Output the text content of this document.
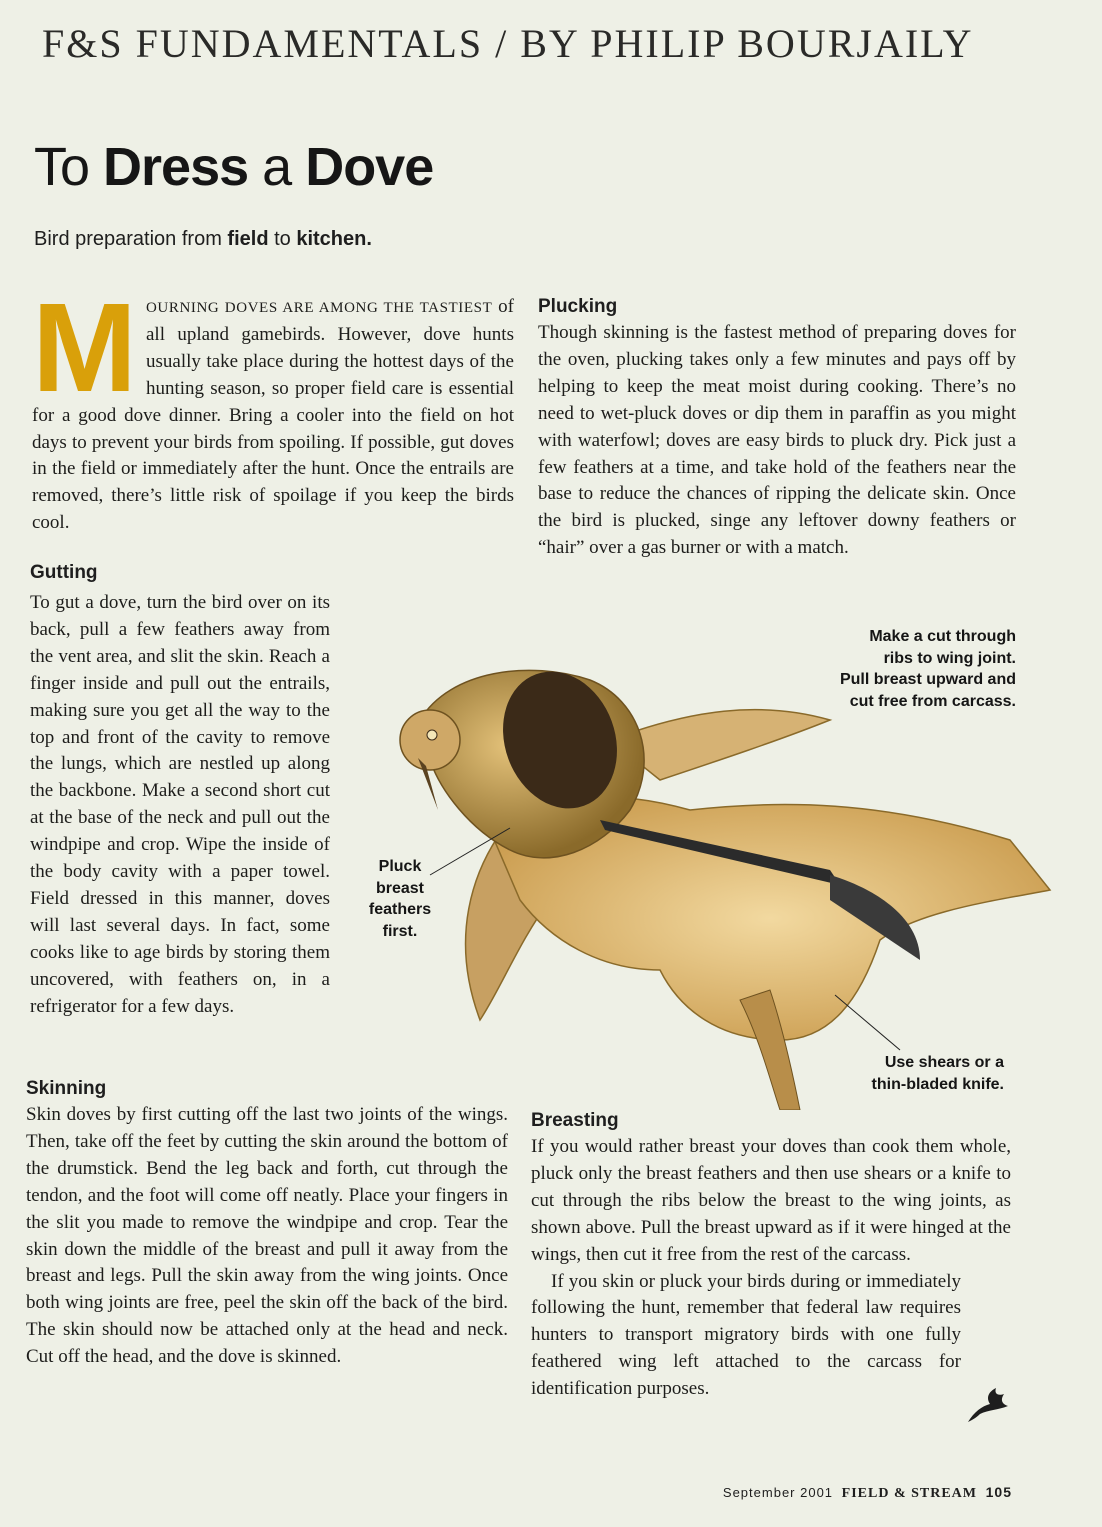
F&S FUNDAMENTALS / BY PHILIP BOURJAILY
To Dress a Dove
Bird preparation from field to kitchen.

MOURNING DOVES ARE AMONG THE TASTIEST of all upland gamebirds. However, dove hunts usually take place during the hottest days of the hunting season, so proper field care is essential for a good dove dinner. Bring a cooler into the field on hot days to prevent your birds from spoiling. If possible, gut doves in the field or immediately after the hunt. Once the entrails are removed, there’s little risk of spoilage if you keep the birds cool.

Gutting

To gut a dove, turn the bird over on its back, pull a few feathers away from the vent area, and slit the skin. Reach a finger inside and pull out the entrails, making sure you get all the way to the top and front of the cavity to remove the lungs, which are nestled up along the backbone. Make a second short cut at the base of the neck and pull out the windpipe and crop. Wipe the inside of the body cavity with a paper towel. Field dressed in this manner, doves will last several days. In fact, some cooks like to age birds by storing them uncovered, with feathers on, in a refrigerator for a few days.

Skinning

Skin doves by first cutting off the last two joints of the wings. Then, take off the feet by cutting the skin around the bottom of the drumstick. Bend the leg back and forth, cut through the tendon, and the foot will come off neatly. Place your fingers in the slit you made to remove the windpipe and crop. Tear the skin down the middle of the breast and pull it away from the breast and legs. Pull the skin away from the wing joints. Once both wing joints are free, peel the skin off the back of the bird. The skin should now be attached only at the head and neck. Cut off the head, and the dove is skinned.

Plucking

Though skinning is the fastest method of preparing doves for the oven, plucking takes only a few minutes and pays off by helping to keep the meat moist during cooking. There’s no need to wet-pluck doves or dip them in paraffin as you might with waterfowl; doves are easy birds to pluck dry. Pick just a few feathers at a time, and take hold of the feathers near the base to reduce the chances of ripping the delicate skin. Once the bird is plucked, singe any leftover downy feathers or “hair” over a gas burner or with a match.

Make a cut through
ribs to wing joint.
Pull breast upward and
cut free from carcass.
Pluck
breast
feathers
first.
Use shears or a
thin-bladed knife.
Breasting

If you would rather breast your doves than cook them whole, pluck only the breast feathers and then use shears or a knife to cut through the ribs below the breast to the wing joints, as shown above. Pull the breast upward as if it were hinged at the wings, then cut it free from the rest of the carcass.

If you skin or pluck your birds during or immediately following the hunt, remember that federal law requires hunters to transport migratory birds with one fully feathered wing left attached to the carcass for identification purposes.

September 2001 FIELD & STREAM 105
